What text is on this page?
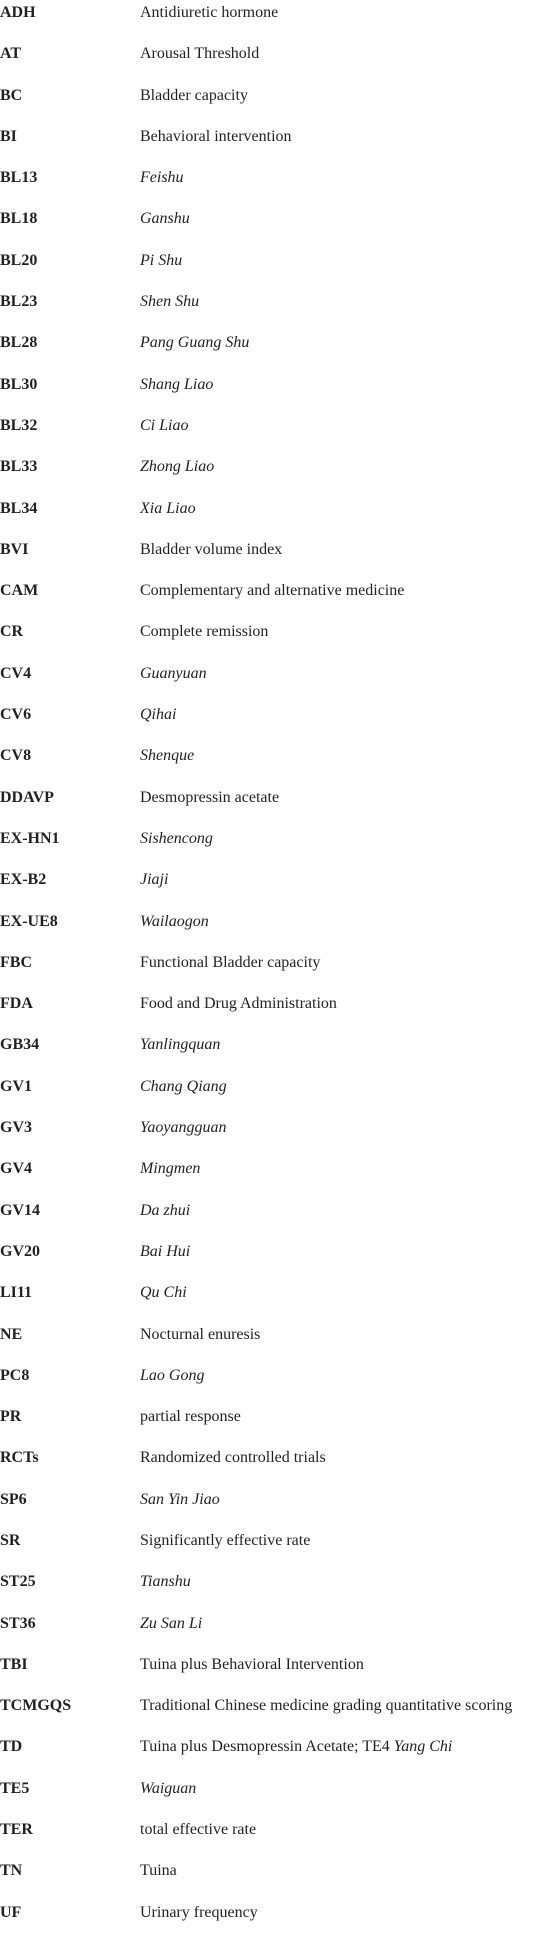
ADH	Antidiuretic hormone
AT	Arousal Threshold
BC	Bladder capacity
BI	Behavioral intervention
BL13	Feishu
BL18	Ganshu
BL20	Pi Shu
BL23	Shen Shu
BL28	Pang Guang Shu
BL30	Shang Liao
BL32	Ci Liao
BL33	Zhong Liao
BL34	Xia Liao
BVI	Bladder volume index
CAM	Complementary and alternative medicine
CR	Complete remission
CV4	Guanyuan
CV6	Qihai
CV8	Shenque
DDAVP	Desmopressin acetate
EX-HN1	Sishencong
EX-B2	Jiaji
EX-UE8	Wailaogon
FBC	Functional Bladder capacity
FDA	Food and Drug Administration
GB34	Yanlingquan
GV1	Chang Qiang
GV3	Yaoyangguan
GV4	Mingmen
GV14	Da zhui
GV20	Bai Hui
LI11	Qu Chi
NE	Nocturnal enuresis
PC8	Lao Gong
PR	partial response
RCTs	Randomized controlled trials
SP6	San Yin Jiao
SR	Significantly effective rate
ST25	Tianshu
ST36	Zu San Li
TBI	Tuina plus Behavioral Intervention
TCMGQS	Traditional Chinese medicine grading quantitative scoring
TD	Tuina plus Desmopressin Acetate; TE4 Yang Chi
TE5	Waiguan
TER	total effective rate
TN	Tuina
UF	Urinary frequency
